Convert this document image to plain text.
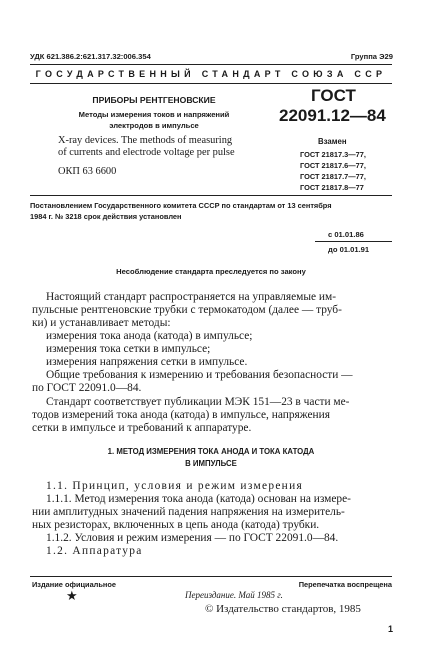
УДК 621.386.2:621.317.32:006.354	Группа Э29
ГОСУДАРСТВЕННЫЙ СТАНДАРТ СОЮЗА ССР
ПРИБОРЫ РЕНТГЕНОВСКИЕ
Методы измерения токов и напряжений
электродов в импульсе
X-ray devices. The methods of measuring
of currents and electrode voltage per pulse
ОКП 63 6600
ГОСТ
22091.12—84
Взамен
ГОСТ 21817.3—77,
ГОСТ 21817.6—77,
ГОСТ 21817.7—77,
ГОСТ 21817.8—77
Постановлением Государственного комитета СССР по стандартам от 13 сентября
1984 г. № 3218 срок действия установлен
с 01.01.86
до 01.01.91
Несоблюдение стандарта преследуется по закону
Настоящий стандарт распространяется на управляемые им-
пульсные рентгеновские трубки с термокатодом (далее — труб-
ки) и устанавливает методы:
измерения тока анода (катода) в импульсе;
измерения тока сетки в импульсе;
измерения напряжения сетки в импульсе.
Общие требования к измерению и требования безопасности —
по ГОСТ 22091.0—84.
Стандарт соответствует публикации МЭК 151—23 в части ме-
тодов измерений тока анода (катода) в импульсе, напряжения
сетки в импульсе и требований к аппаратуре.
1. МЕТОД ИЗМЕРЕНИЯ ТОКА АНОДА И ТОКА КАТОДА
В ИМПУЛЬСЕ
1.1. Принцип, условия и режим измерения
1.1.1. Метод измерения тока анода (катода) основан на измере-
нии амплитудных значений падения напряжения на измеритель-
ных резисторах, включенных в цепь анода (катода) трубки.
1.1.2. Условия и режим измерения — по ГОСТ 22091.0—84.
1.2. Аппаратура
Издание официальное	Перепечатка воспрещена
★	Переиздание. Май 1985 г.
© Издательство стандартов, 1985
1
